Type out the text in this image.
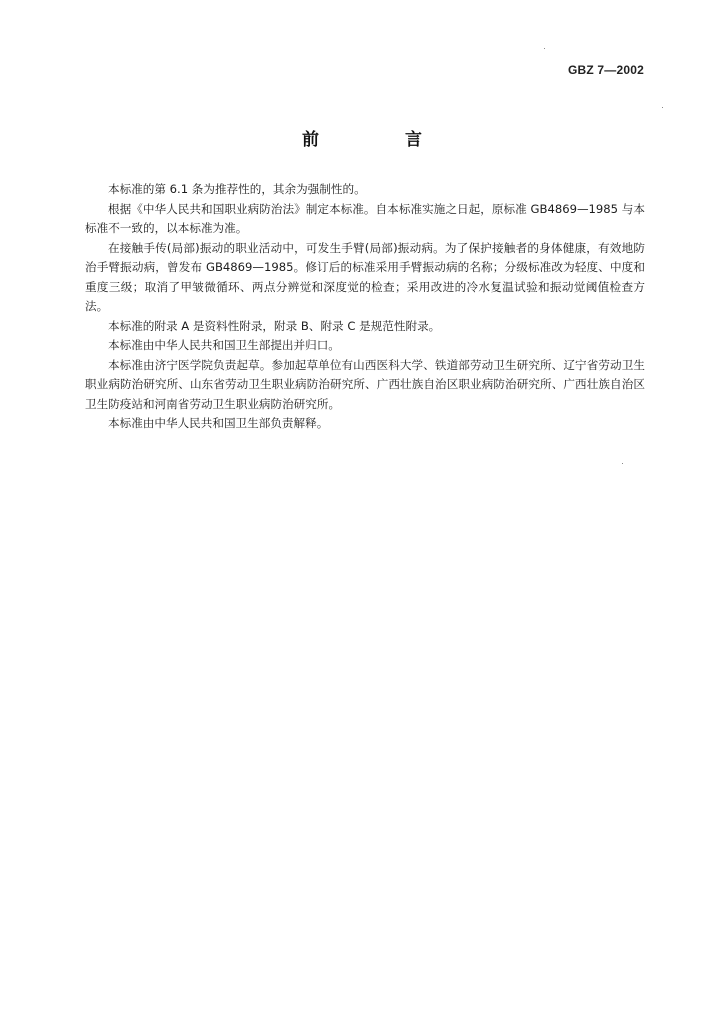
GBZ 7—2002
前 言

本标准的第 6.1 条为推荐性的，其余为强制性的。

根据《中华人民共和国职业病防治法》制定本标准。自本标准实施之日起，原标准 GB4869—1985 与本标准不一致的，以本标准为准。

在接触手传(局部)振动的职业活动中，可发生手臂(局部)振动病。为了保护接触者的身体健康，有效地防治手臂振动病，曾发布 GB4869—1985。修订后的标准采用手臂振动病的名称；分级标准改为轻度、中度和重度三级；取消了甲皱微循环、两点分辨觉和深度觉的检查；采用改进的冷水复温试验和振动觉阈值检查方法。

本标准的附录 A 是资料性附录，附录 B、附录 C 是规范性附录。

本标准由中华人民共和国卫生部提出并归口。

本标准由济宁医学院负责起草。参加起草单位有山西医科大学、铁道部劳动卫生研究所、辽宁省劳动卫生职业病防治研究所、山东省劳动卫生职业病防治研究所、广西壮族自治区职业病防治研究所、广西壮族自治区卫生防疫站和河南省劳动卫生职业病防治研究所。

本标准由中华人民共和国卫生部负责解释。
